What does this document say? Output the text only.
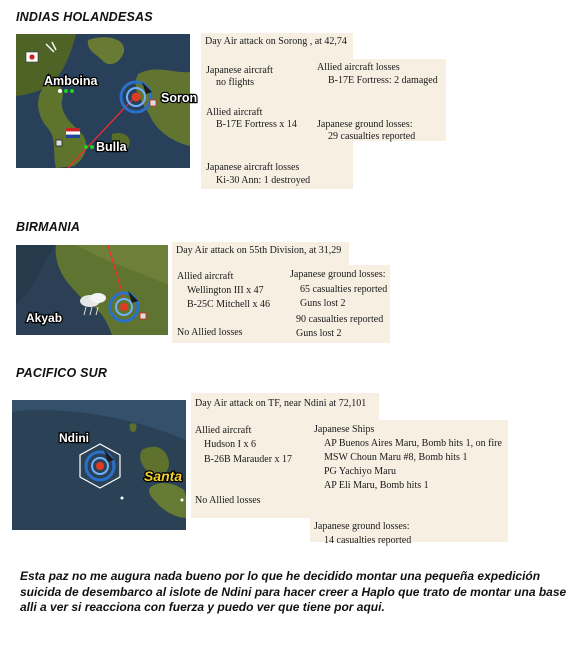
INDIAS HOLANDESAS
Amboina
Soron
Bulla
Day Air attack on Sorong , at 42,74
Japanese aircraft
no flights
Allied aircraft
B-17E Fortress x 14
Japanese aircraft losses
Ki-30 Ann: 1 destroyed
Allied aircraft losses
B-17E Fortress: 2 damaged
Japanese ground losses:
29 casualties reported
BIRMANIA
Akyab
Day Air attack on 55th Division, at 31,29
Allied aircraft
Wellington III x 47
B-25C Mitchell x 46
No Allied losses
Japanese ground losses:
65 casualties reported
Guns lost 2
90 casualties reported
Guns lost 2
PACIFICO SUR
Ndini
Santa
Day Air attack on TF, near Ndini at 72,101
Allied aircraft
Hudson I x 6
B-26B Marauder x 17
No Allied losses
Japanese Ships
AP Buenos Aires Maru, Bomb hits 1, on fire
MSW Choun Maru #8, Bomb hits 1
PG Yachiyo Maru
AP Eli Maru, Bomb hits 1
Japanese ground losses:
14 casualties reported
Esta paz no me augura nada bueno por lo que he decidido montar una pequeña expedición suicida de desembarco al islote de Ndini para hacer creer a Haplo que trato de montar una base alli a ver si reacciona con fuerza y puedo ver que tiene por aqui.
